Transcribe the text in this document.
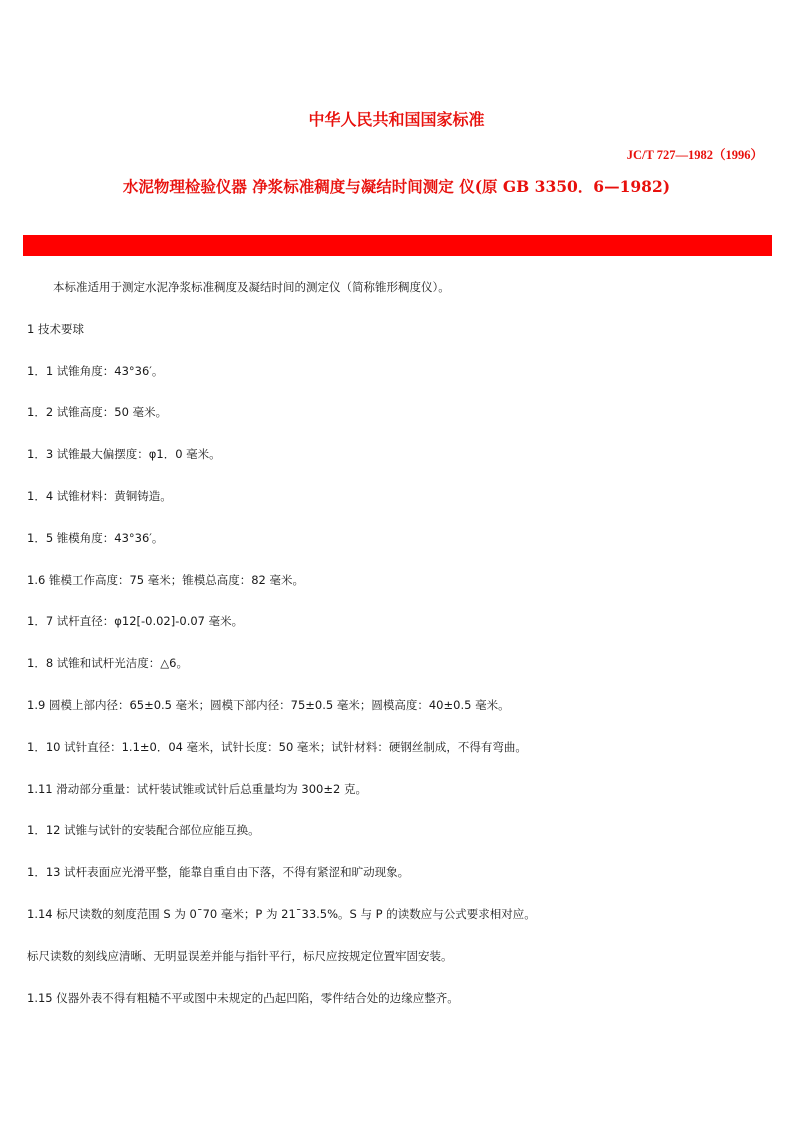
中华人民共和国国家标准
JC/T 727—1982（1996）
水泥物理检验仪器 净浆标准稠度与凝结时间测定 仪(原 GB 3350．6—1982)
本标准适用于测定水泥净浆标准稠度及凝结时间的测定仪（简称锥形稠度仪）。
1 技术要球
1．1 试锥角度：43°36′。
1．2 试锥高度：50 毫米。
1．3 试锥最大偏摆度：φ1．0 毫米。
1．4 试锥材料：黄铜铸造。
1．5 锥模角度：43°36′。
1.6 锥模工作高度：75 毫米；锥模总高度：82 毫米。
1．7 试杆直径：φ12[-0.02]-0.07 毫米。
1．8 试锥和试杆光洁度：△6。
1.9 圆模上部内径：65±0.5 毫米；圆模下部内径：75±0.5 毫米；圆模高度：40±0.5 毫米。
1．10 试针直径：1.1±0．04 毫米，试针长度：50 毫米；试针材料：硬钢丝制成，不得有弯曲。
1.11 滑动部分重量：试杆装试锥或试针后总重量均为 300±2 克。
1．12 试锥与试针的安装配合部位应能互换。
1．13 试杆表面应光滑平整，能靠自重自由下落，不得有紧涩和旷动现象。
1.14 标尺读数的刻度范围 S 为 0¯70 毫米；P 为 21¯33.5%。S 与 P 的读数应与公式要求相对应。
标尺读数的刻线应清晰、无明显误差并能与指针平行，标尺应按规定位置牢固安装。
1.15 仪器外表不得有粗糙不平或图中未规定的凸起凹陷，零件结合处的边缘应整齐。
